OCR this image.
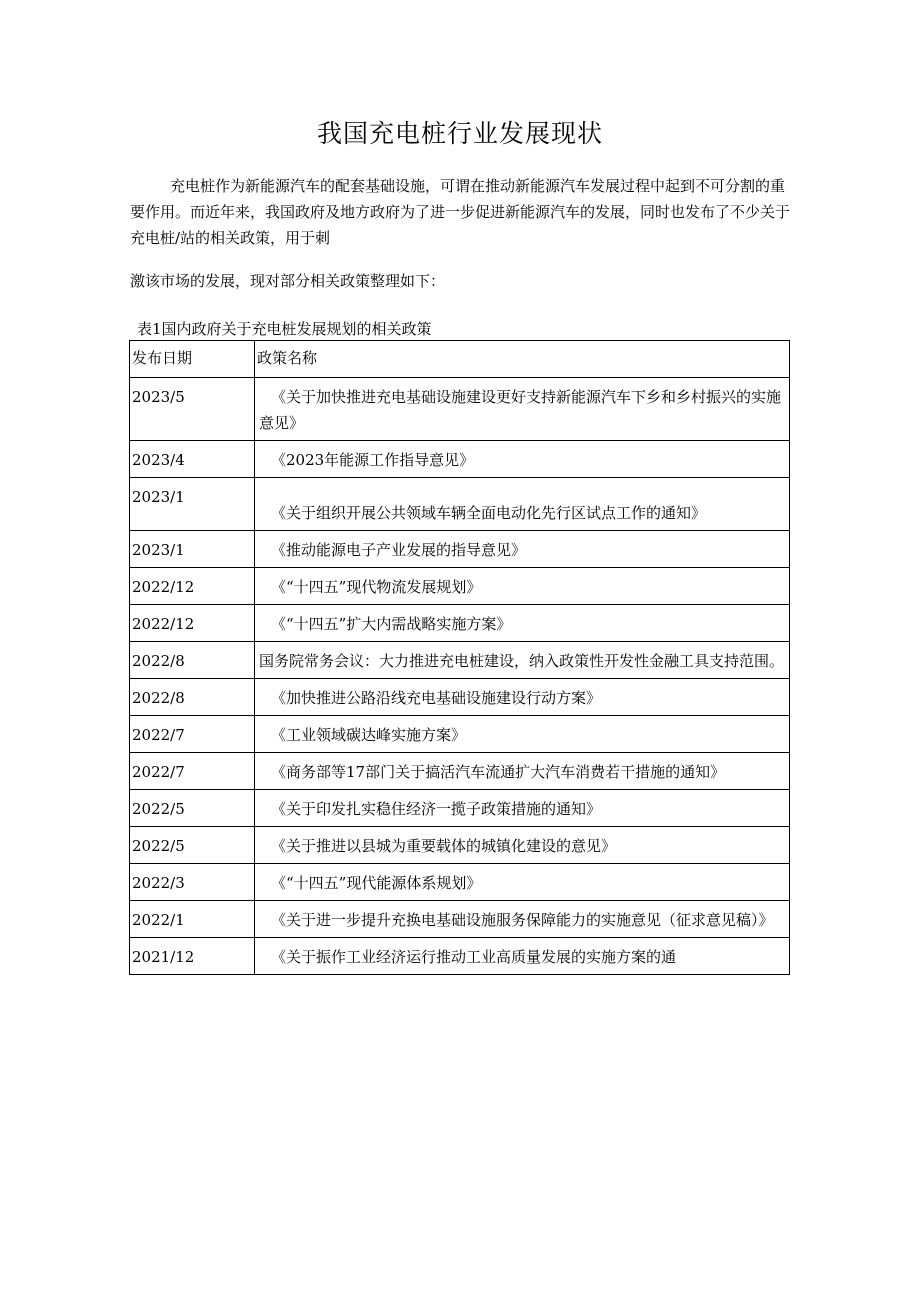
我国充电桩行业发展现状
充电桩作为新能源汽车的配套基础设施，可谓在推动新能源汽车发展过程中起到不可分割的重要作用。而近年来，我国政府及地方政府为了进一步促进新能源汽车的发展，同时也发布了不少关于充电桩/站的相关政策，用于刺
激该市场的发展，现对部分相关政策整理如下：
表1国内政府关于充电桩发展规划的相关政策
发布日期	政策名称
2023/5	《关于加快推进充电基础设施建设更好支持新能源汽车下乡和乡村振兴的实施意见》
2023/4	《2023年能源工作指导意见》
2023/1	《关于组织开展公共领域车辆全面电动化先行区试点工作的通知》
2023/1	《推动能源电子产业发展的指导意见》
2022/12	《“十四五”现代物流发展规划》
2022/12	《“十四五”扩大内需战略实施方案》
2022/8	国务院常务会议：大力推进充电桩建设，纳入政策性开发性金融工具支持范围。
2022/8	《加快推进公路沿线充电基础设施建设行动方案》
2022/7	《工业领域碳达峰实施方案》
2022/7	《商务部等17部门关于搞活汽车流通扩大汽车消费若干措施的通知》
2022/5	《关于印发扎实稳住经济一揽子政策措施的通知》
2022/5	《关于推进以县城为重要载体的城镇化建设的意见》
2022/3	《“十四五”现代能源体系规划》
2022/1	《关于进一步提升充换电基础设施服务保障能力的实施意见（征求意见稿）》
2021/12	《关于振作工业经济运行推动工业高质量发展的实施方案的通
